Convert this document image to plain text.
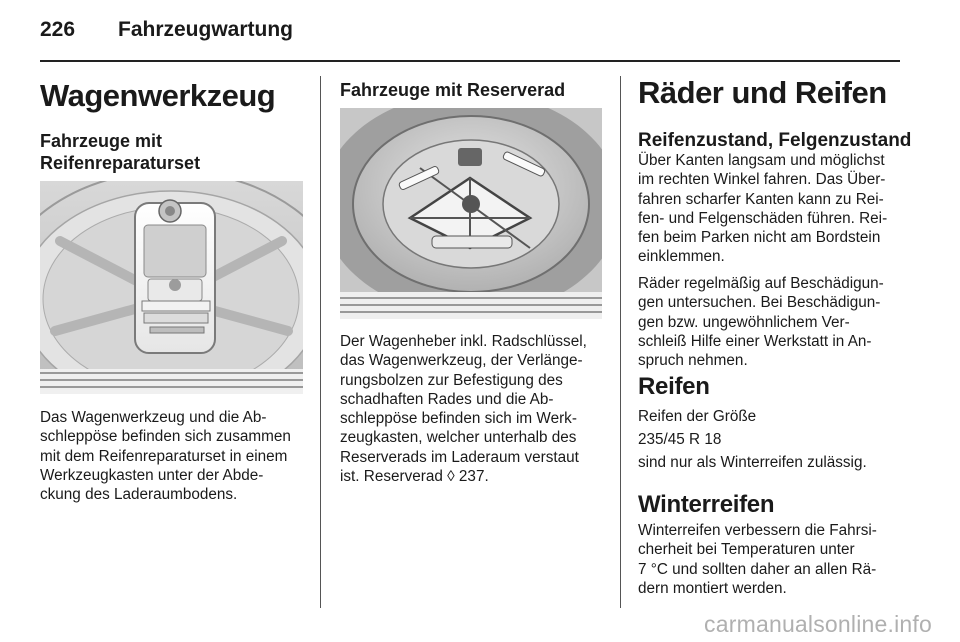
226 Fahrzeugwartung
Wagenwerkzeug
Fahrzeuge mit
Reifenreparaturset

Das Wagenwerkzeug und die Ab-

schleppöse befinden sich zusammen

mit dem Reifenreparaturset in einem

Werkzeugkasten unter der Abde-

ckung des Laderaumbodens.

Fahrzeuge mit Reserverad

Der Wagenheber inkl. Radschlüssel,

das Wagenwerkzeug, der Verlänge-

rungsbolzen zur Befestigung des

schadhaften Rades und die Ab-

schleppöse befinden sich im Werk-

zeugkasten, welcher unterhalb des

Reserverads im Laderaum verstaut

ist. Reserverad ◊ 237.

Räder und Reifen
Reifenzustand, Felgenzustand

Über Kanten langsam und möglichst

im rechten Winkel fahren. Das Über-

fahren scharfer Kanten kann zu Rei-

fen- und Felgenschäden führen. Rei-

fen beim Parken nicht am Bordstein

einklemmen.

Räder regelmäßig auf Beschädigun-

gen untersuchen. Bei Beschädigun-

gen bzw. ungewöhnlichem Ver-

schleiß Hilfe einer Werkstatt in An-

spruch nehmen.

Reifen
Reifen der Größe
235/45 R 18
sind nur als Winterreifen zulässig.
Winterreifen

Winterreifen verbessern die Fahrsi-

cherheit bei Temperaturen unter

7 °C und sollten daher an allen Rä-

dern montiert werden.

carmanualsonline.info
